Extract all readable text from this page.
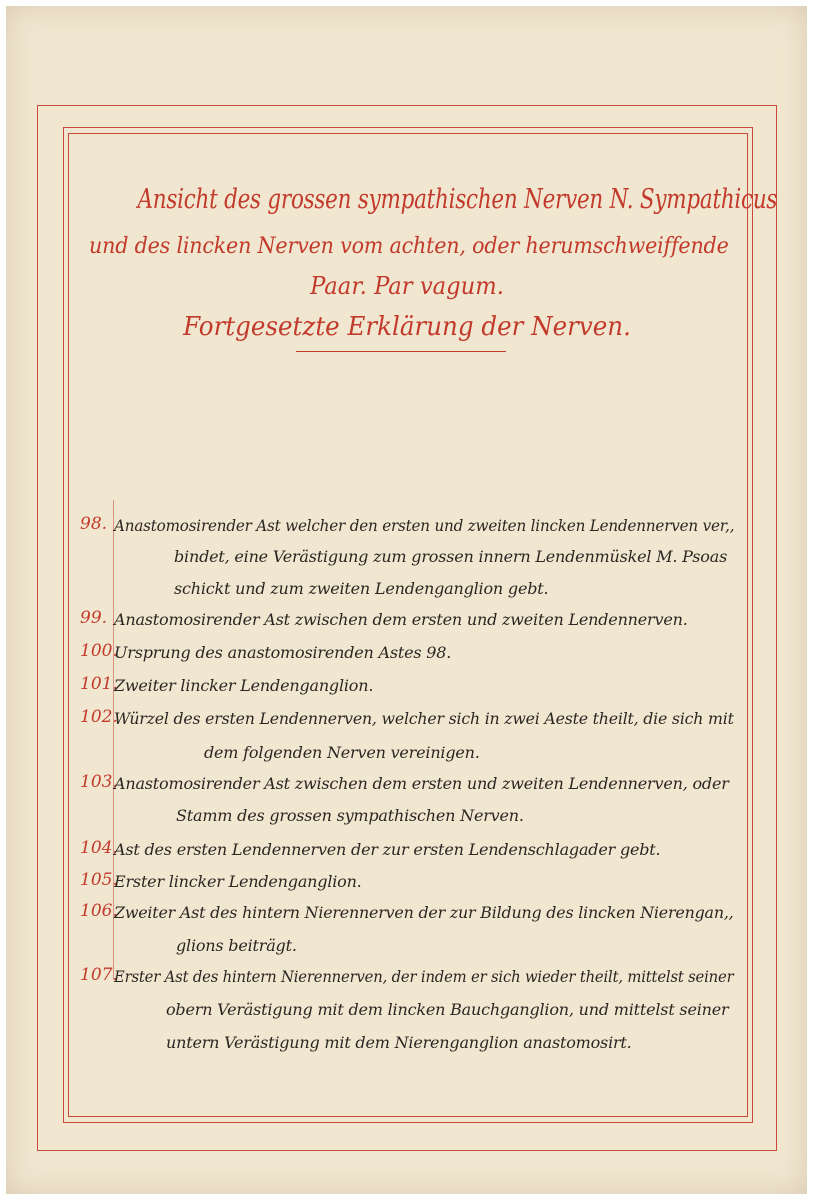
Ansicht des grossen sympathischen Nerven N. Sympathicus
und des lincken Nerven vom achten, oder herumschweiffende
Paar. Par vagum.
Fortgesetzte Erklärung der Nerven.
98. Anastomosirender Ast welcher den ersten und zweiten lincken Lendennerven ver,,
bindet, eine Verästigung zum grossen innern Lendenmüskel M. Psoas
schickt und zum zweiten Lendenganglion gebt.
99. Anastomosirender Ast zwischen dem ersten und zweiten Lendennerven.
100.
Ursprung des anastomosirenden Astes 98.
101.
Zweiter lincker Lendenganglion.
102.
Würzel des ersten Lendennerven, welcher sich in zwei Aeste theilt, die sich mit
dem folgenden Nerven vereinigen.
103.
Anastomosirender Ast zwischen dem ersten und zweiten Lendennerven, oder
Stamm des grossen sympathischen Nerven.
104.
Ast des ersten Lendennerven der zur ersten Lendenschlagader gebt.
105.
Erster lincker Lendenganglion.
106.
Zweiter Ast des hintern Nierennerven der zur Bildung des lincken Nierengan,,
glions beiträgt.
107.
Erster Ast des hintern Nierennerven, der indem er sich wieder theilt, mittelst seiner
obern Verästigung mit dem lincken Bauchganglion, und mittelst seiner
untern Verästigung mit dem Nierenganglion anastomosirt.
